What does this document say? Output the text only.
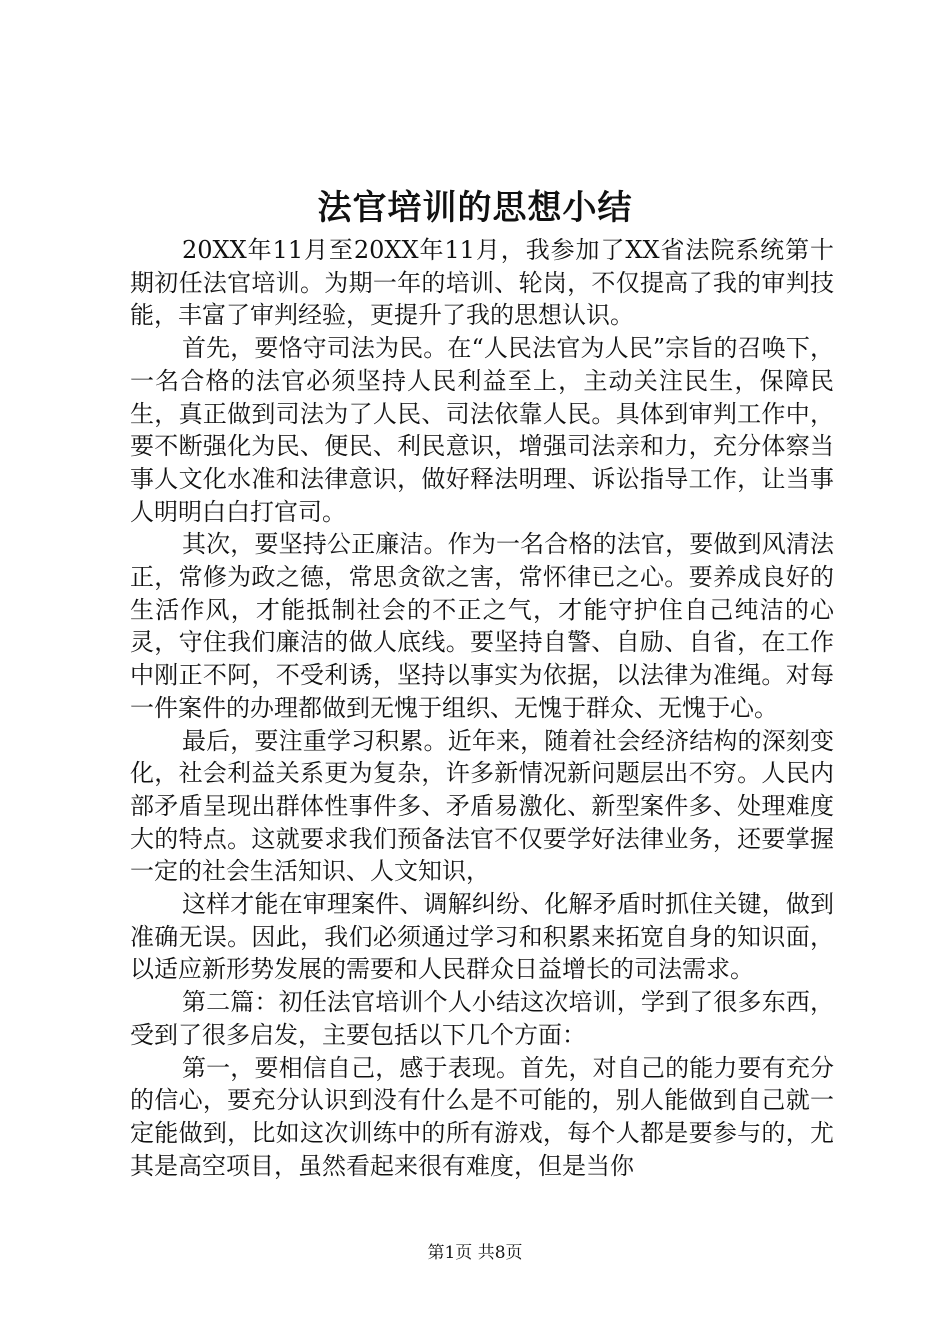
法官培训的思想小结

20XX年11月至20XX年11月，我参加了XX省法院系统第十期初任法官培训。为期一年的培训、轮岗，不仅提高了我的审判技能，丰富了审判经验，更提升了我的思想认识。

首先，要恪守司法为民。在“人民法官为人民”宗旨的召唤下，一名合格的法官必须坚持人民利益至上，主动关注民生，保障民生，真正做到司法为了人民、司法依靠人民。具体到审判工作中，要不断强化为民、便民、利民意识，增强司法亲和力，充分体察当事人文化水准和法律意识，做好释法明理、诉讼指导工作，让当事人明明白白打官司。

其次，要坚持公正廉洁。作为一名合格的法官，要做到风清法正，常修为政之德，常思贪欲之害，常怀律已之心。要养成良好的生活作风，才能抵制社会的不正之气，才能守护住自己纯洁的心灵，守住我们廉洁的做人底线。要坚持自警、自励、自省，在工作中刚正不阿，不受利诱，坚持以事实为依据，以法律为准绳。对每一件案件的办理都做到无愧于组织、无愧于群众、无愧于心。

最后，要注重学习积累。近年来，随着社会经济结构的深刻变化，社会利益关系更为复杂，许多新情况新问题层出不穷。人民内部矛盾呈现出群体性事件多、矛盾易激化、新型案件多、处理难度大的特点。这就要求我们预备法官不仅要学好法律业务，还要掌握一定的社会生活知识、人文知识，

这样才能在审理案件、调解纠纷、化解矛盾时抓住关键，做到准确无误。因此，我们必须通过学习和积累来拓宽自身的知识面，以适应新形势发展的需要和人民群众日益增长的司法需求。

第二篇：初任法官培训个人小结这次培训，学到了很多东西，受到了很多启发，主要包括以下几个方面：

第一，要相信自己，感于表现。首先，对自己的能力要有充分的信心，要充分认识到没有什么是不可能的，别人能做到自己就一定能做到，比如这次训练中的所有游戏，每个人都是要参与的，尤其是高空项目，虽然看起来很有难度，但是当你

第1页 共8页
